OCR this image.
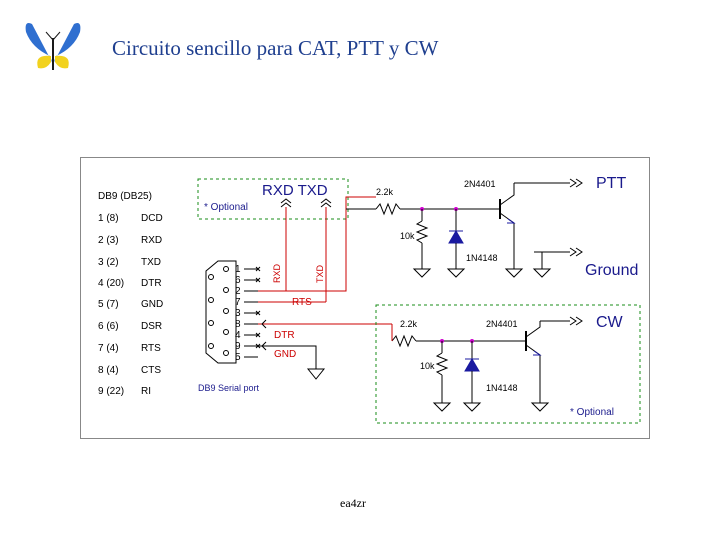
Circuito sencillo para CAT, PTT y CW
DB9 (DB25)
1 (8) DCD
2 (3) RXD
3 (2) TXD
4 (20) DTR
5 (7) GND
6 (6) DSR
7 (4) RTS
8 (4) CTS
9 (22) RI
* Optional
RXD TXD
DB9 Serial port
1
6
2
7
3
8
4
9
5
RXD	TXD
RTS
DTR
GND
2.2k
10k
1N4148
2N4401	PTT
Ground
2.2k
10k
1N4148
2N4401	CW
* Optional
ea4zr
